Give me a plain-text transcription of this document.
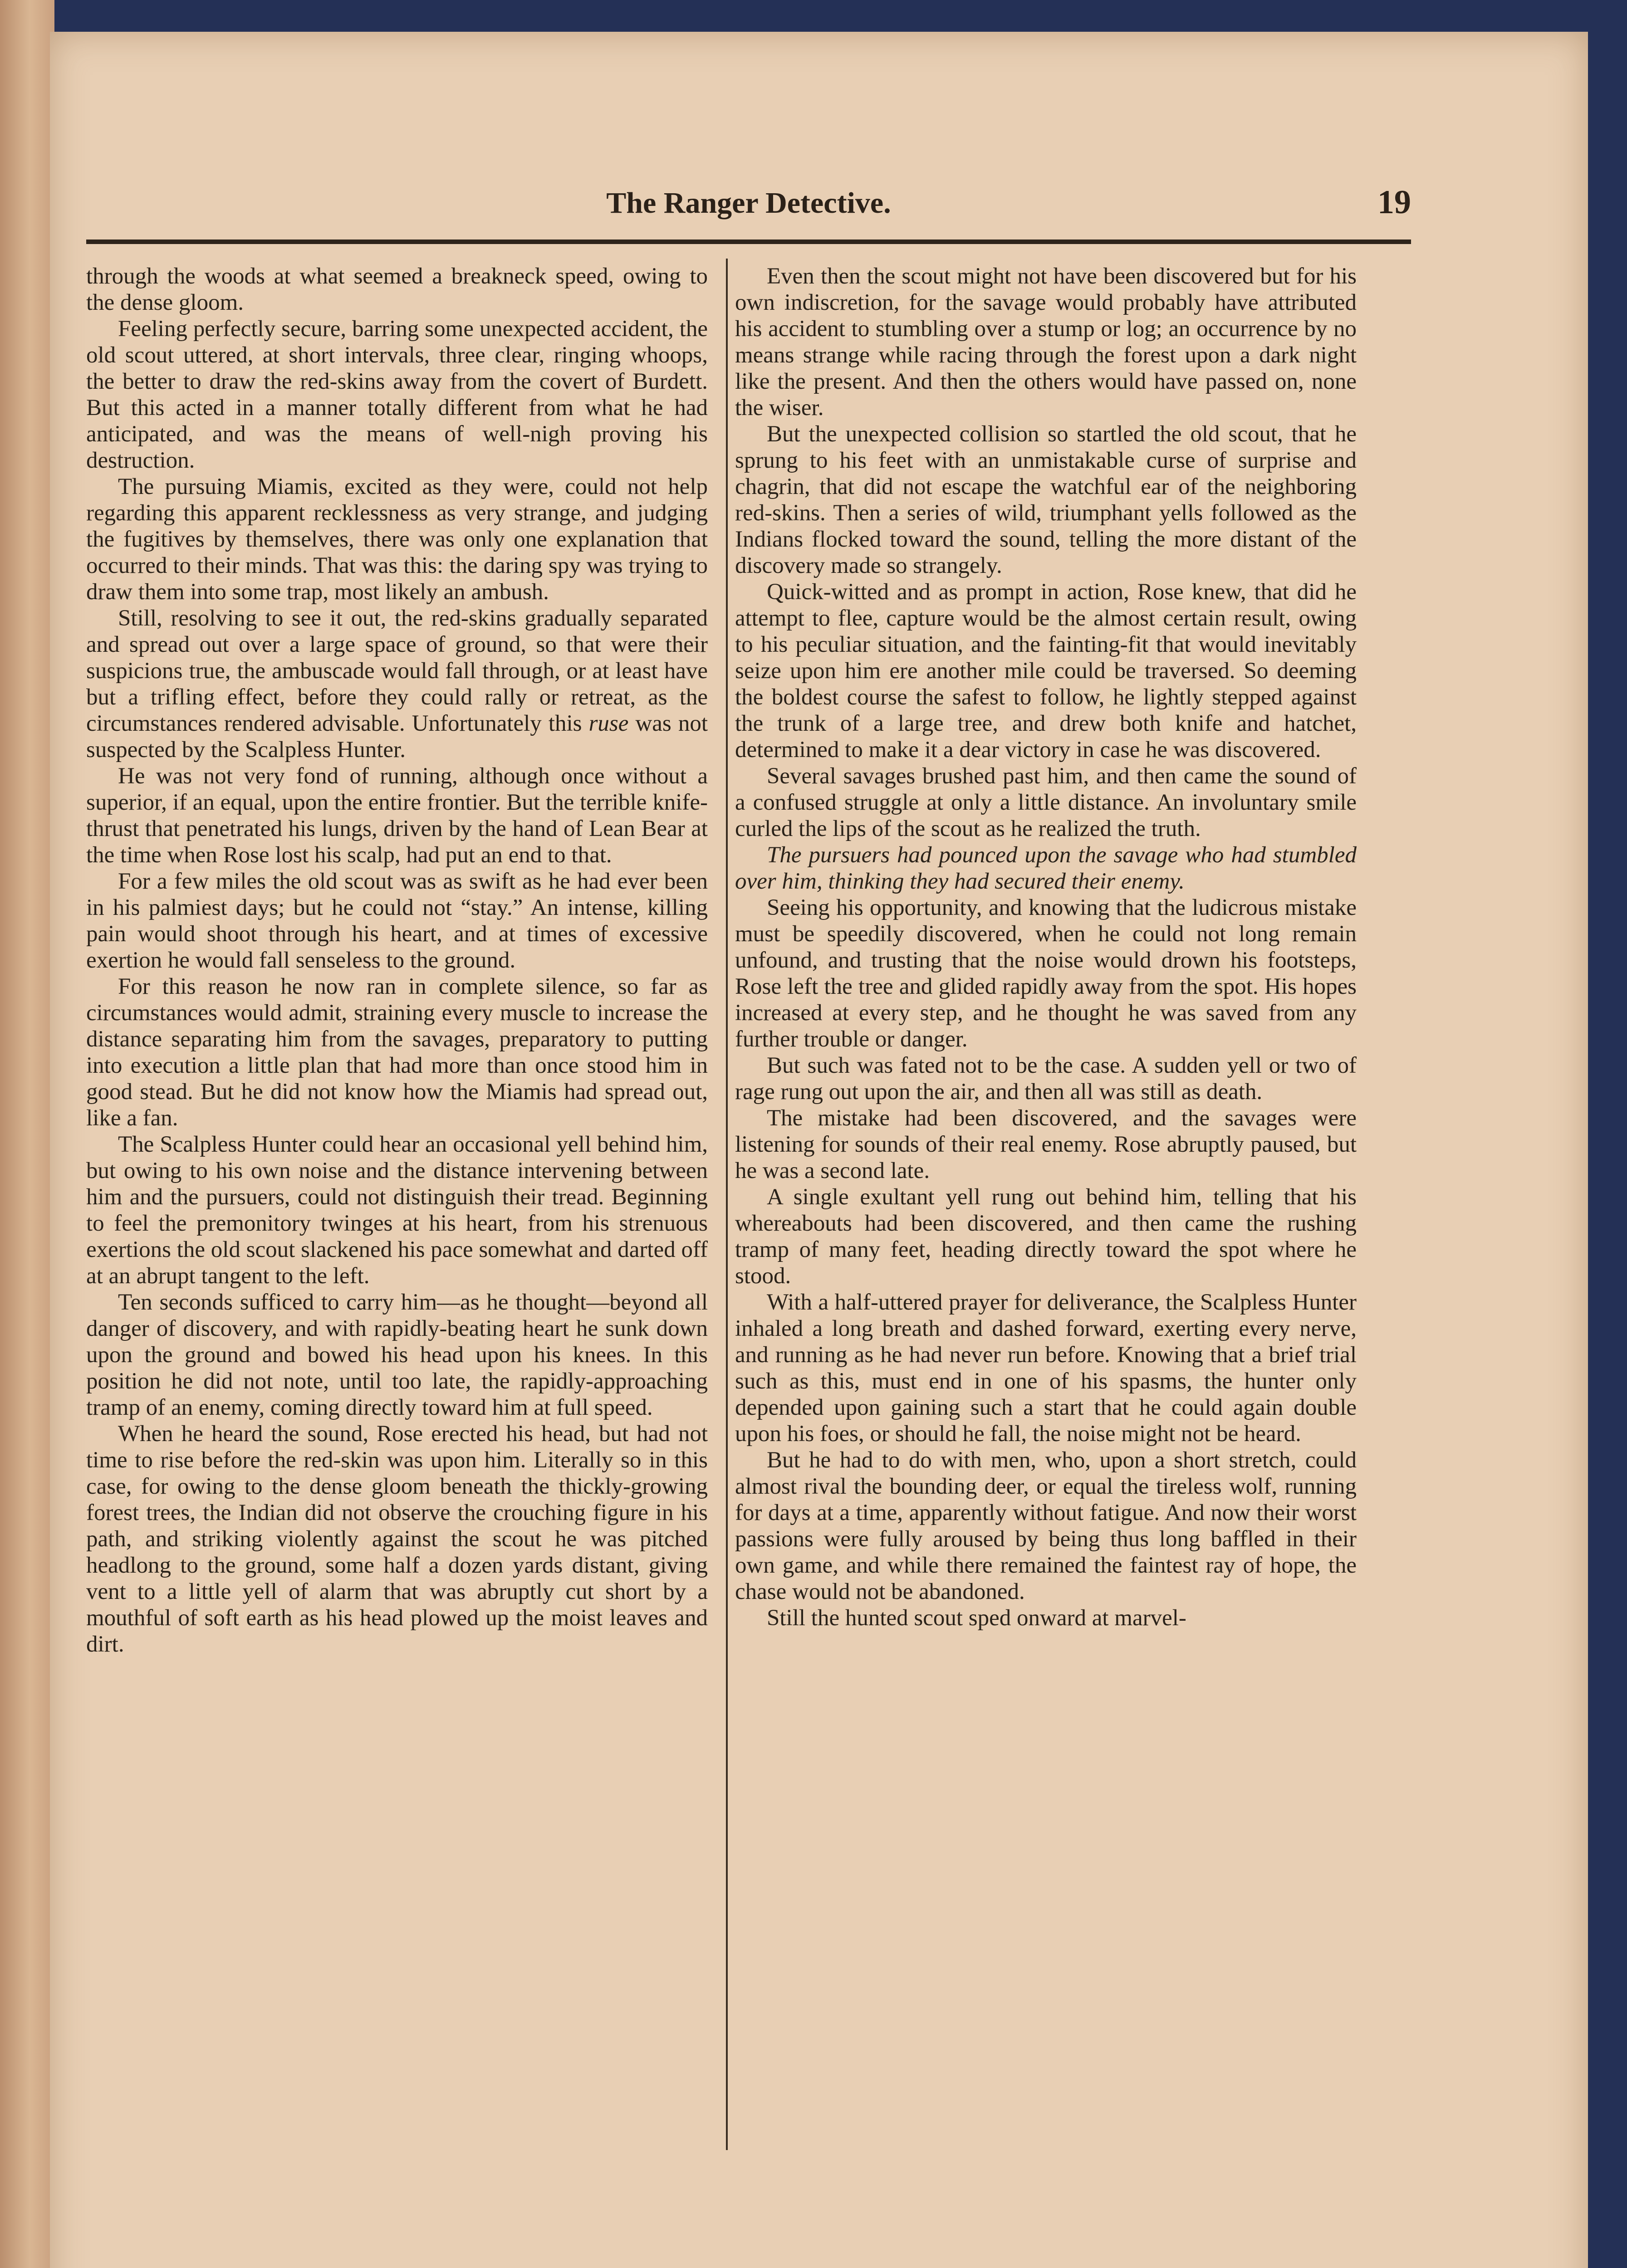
The Ranger Detective.	19

through the woods at what seemed a breakneck speed, owing to the dense gloom.

Feeling perfectly secure, barring some unexpected accident, the old scout uttered, at short intervals, three clear, ringing whoops, the better to draw the red-skins away from the covert of Burdett. But this acted in a manner totally different from what he had anticipated, and was the means of well-nigh proving his destruction.

The pursuing Miamis, excited as they were, could not help regarding this apparent recklessness as very strange, and judging the fugitives by themselves, there was only one explanation that occurred to their minds. That was this: the daring spy was trying to draw them into some trap, most likely an ambush.

Still, resolving to see it out, the red-skins gradually separated and spread out over a large space of ground, so that were their suspicions true, the ambuscade would fall through, or at least have but a trifling effect, before they could rally or retreat, as the circumstances rendered advisable. Unfortunately this ruse was not suspected by the Scalpless Hunter.

He was not very fond of running, although once without a superior, if an equal, upon the entire frontier. But the terrible knife-thrust that penetrated his lungs, driven by the hand of Lean Bear at the time when Rose lost his scalp, had put an end to that.

For a few miles the old scout was as swift as he had ever been in his palmiest days; but he could not “stay.” An intense, killing pain would shoot through his heart, and at times of excessive exertion he would fall senseless to the ground.

For this reason he now ran in complete silence, so far as circumstances would admit, straining every muscle to increase the distance separating him from the savages, preparatory to putting into execution a little plan that had more than once stood him in good stead. But he did not know how the Miamis had spread out, like a fan.

The Scalpless Hunter could hear an occasional yell behind him, but owing to his own noise and the distance intervening between him and the pursuers, could not distinguish their tread. Beginning to feel the premonitory twinges at his heart, from his strenuous exertions the old scout slackened his pace somewhat and darted off at an abrupt tangent to the left.

Ten seconds sufficed to carry him—as he thought—beyond all danger of discovery, and with rapidly-beating heart he sunk down upon the ground and bowed his head upon his knees. In this position he did not note, until too late, the rapidly-approaching tramp of an enemy, coming directly toward him at full speed.

When he heard the sound, Rose erected his head, but had not time to rise before the red-skin was upon him. Literally so in this case, for owing to the dense gloom beneath the thickly-growing forest trees, the Indian did not observe the crouching figure in his path, and striking violently against the scout he was pitched headlong to the ground, some half a dozen yards distant, giving vent to a little yell of alarm that was abruptly cut short by a mouthful of soft earth as his head plowed up the moist leaves and dirt.

Even then the scout might not have been discovered but for his own indiscretion, for the savage would probably have attributed his accident to stumbling over a stump or log; an occurrence by no means strange while racing through the forest upon a dark night like the present. And then the others would have passed on, none the wiser.

But the unexpected collision so startled the old scout, that he sprung to his feet with an unmistakable curse of surprise and chagrin, that did not escape the watchful ear of the neighboring red-skins. Then a series of wild, triumphant yells followed as the Indians flocked toward the sound, telling the more distant of the discovery made so strangely.

Quick-witted and as prompt in action, Rose knew, that did he attempt to flee, capture would be the almost certain result, owing to his peculiar situation, and the fainting-fit that would inevitably seize upon him ere another mile could be traversed. So deeming the boldest course the safest to follow, he lightly stepped against the trunk of a large tree, and drew both knife and hatchet, determined to make it a dear victory in case he was discovered.

Several savages brushed past him, and then came the sound of a confused struggle at only a little distance. An involuntary smile curled the lips of the scout as he realized the truth.

The pursuers had pounced upon the savage who had stumbled over him, thinking they had secured their enemy.

Seeing his opportunity, and knowing that the ludicrous mistake must be speedily discovered, when he could not long remain unfound, and trusting that the noise would drown his footsteps, Rose left the tree and glided rapidly away from the spot. His hopes increased at every step, and he thought he was saved from any further trouble or danger.

But such was fated not to be the case. A sudden yell or two of rage rung out upon the air, and then all was still as death.

The mistake had been discovered, and the savages were listening for sounds of their real enemy. Rose abruptly paused, but he was a second late.

A single exultant yell rung out behind him, telling that his whereabouts had been discovered, and then came the rushing tramp of many feet, heading directly toward the spot where he stood.

With a half-uttered prayer for deliverance, the Scalpless Hunter inhaled a long breath and dashed forward, exerting every nerve, and running as he had never run before. Knowing that a brief trial such as this, must end in one of his spasms, the hunter only depended upon gaining such a start that he could again double upon his foes, or should he fall, the noise might not be heard.

But he had to do with men, who, upon a short stretch, could almost rival the bounding deer, or equal the tireless wolf, running for days at a time, apparently without fatigue. And now their worst passions were fully aroused by being thus long baffled in their own game, and while there remained the faintest ray of hope, the chase would not be abandoned.

Still the hunted scout sped onward at marvel-
